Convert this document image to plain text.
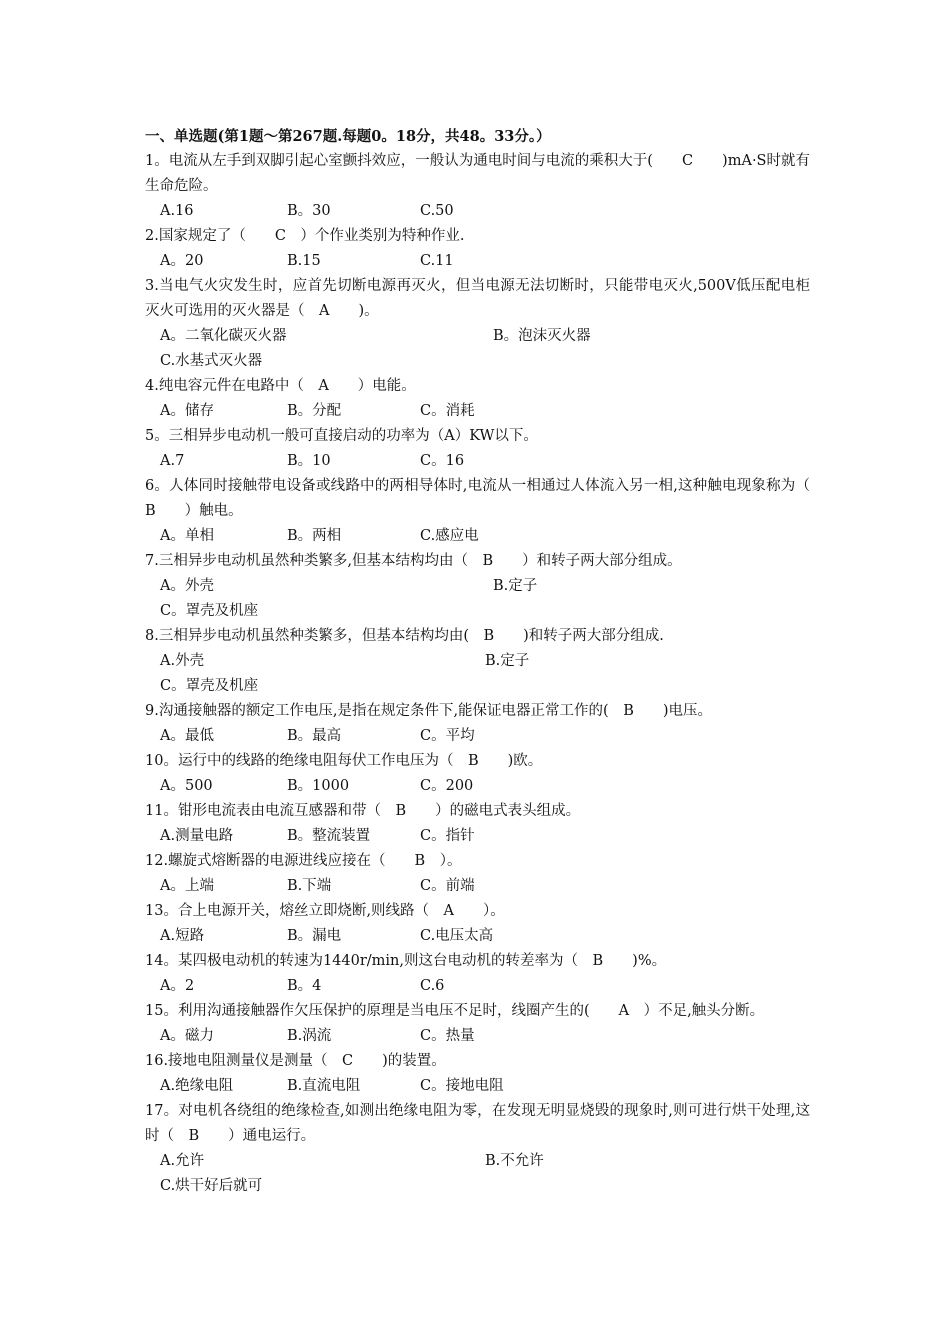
一、单选题(第1题～第267题.每题0。18分，共48。33分。）
1。电流从左手到双脚引起心室颤抖效应，一般认为通电时间与电流的乘积大于(　　C　　)mA·S时就有生命危险。
A.16	B。30	C.50
2.国家规定了（　　C　）个作业类别为特种作业.
A。20	B.15	C.11
3.当电气火灾发生时，应首先切断电源再灭火，但当电源无法切断时，只能带电灭火,500V低压配电柜灭火可选用的灭火器是（　A　　)。
A。二氧化碳灭火器	B。泡沫灭火器
C.水基式灭火器
4.纯电容元件在电路中（　A　　）电能。
A。储存	B。分配	C。消耗
5。三相异步电动机一般可直接启动的功率为（A）KW以下。
A.7	B。10	C。16
6。人体同时接触带电设备或线路中的两相导体时,电流从一相通过人体流入另一相,这种触电现象称为（　B　　）触电。
A。单相	B。两相	C.感应电
7.三相异步电动机虽然种类繁多,但基本结构均由（　B　　）和转子两大部分组成。
A。外壳	B.定子
C。罩壳及机座
8.三相异步电动机虽然种类繁多，但基本结构均由(　B　　)和转子两大部分组成.
A.外壳	B.定子
C。罩壳及机座
9.沟通接触器的额定工作电压,是指在规定条件下,能保证电器正常工作的(　B　　)电压。
A。最低	B。最高	C。平均
10。运行中的线路的绝缘电阻每伏工作电压为（　B　　)欧。
A。500	B。1000	C。200
11。钳形电流表由电流互感器和带（　B　　）的磁电式表头组成。
A.测量电路	B。整流装置	C。指针
12.螺旋式熔断器的电源进线应接在（　　B　）。
A。上端	B.下端	C。前端
13。合上电源开关，熔丝立即烧断,则线路（　A　　）。
A.短路	B。漏电	C.电压太高
14。某四极电动机的转速为1440r/min,则这台电动机的转差率为（　B　　)%。
A。2	B。4	C.6
15。利用沟通接触器作欠压保护的原理是当电压不足时，线圈产生的(　　A　）不足,触头分断。
A。磁力	B.涡流	C。热量
16.接地电阻测量仪是测量（　C　　)的装置。
A.绝缘电阻	B.直流电阻	C。接地电阻
17。对电机各绕组的绝缘检查,如测出绝缘电阻为零，在发现无明显烧毁的现象时,则可进行烘干处理,这时（　B　　）通电运行。
A.允许	B.不允许
C.烘干好后就可
